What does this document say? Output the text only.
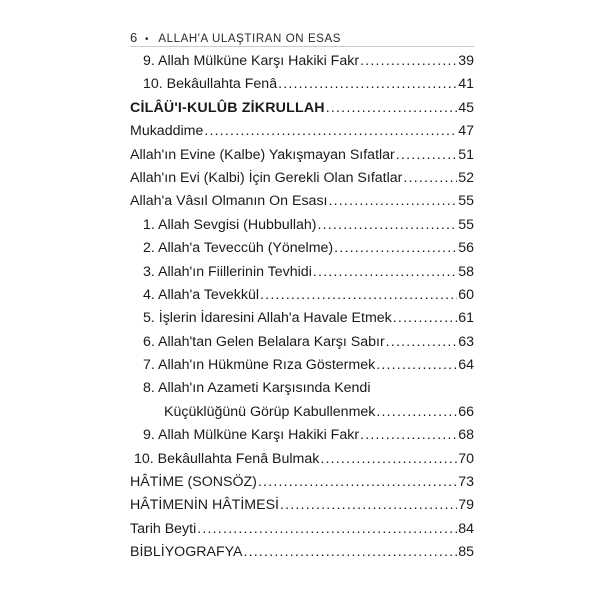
6 • ALLAH'A ULAŞTIRAN ON ESAS
9. Allah Mülküne Karşı Hakiki Fakr .....	39
10. Bekâullahta Fenâ .....	41
CİLÂÜ'I-KULÛB ZİKRULLAH .....	45
Mukaddime .....	47
Allah'ın Evine (Kalbe) Yakışmayan Sıfatlar .....	51
Allah'ın Evi (Kalbi) İçin Gerekli Olan Sıfatlar .....	52
Allah'a Vâsıl Olmanın On Esası .....	55
1. Allah Sevgisi (Hubbullah) .....	55
2. Allah'a Teveccüh (Yönelme) .....	56
3. Allah'ın Fiillerinin Tevhidi .....	58
4. Allah'a Tevekkül .....	60
5. İşlerin İdaresini Allah'a Havale Etmek .....	61
6. Allah'tan Gelen Belalara Karşı Sabır .....	63
7. Allah'ın Hükmüne Rıza Göstermek .....	64
8. Allah'ın Azameti Karşısında Kendi
Küçüklüğünü Görüp Kabullenmek .....	66
9. Allah Mülküne Karşı Hakiki Fakr .....	68
10. Bekâullahta Fenâ Bulmak .....	70
HÂTİME (SONSÖZ) .....	73
HÂTİMENİN HÂTİMESİ .....	79
Tarih Beyti .....	84
BİBLİYOGRAFYA .....	85
